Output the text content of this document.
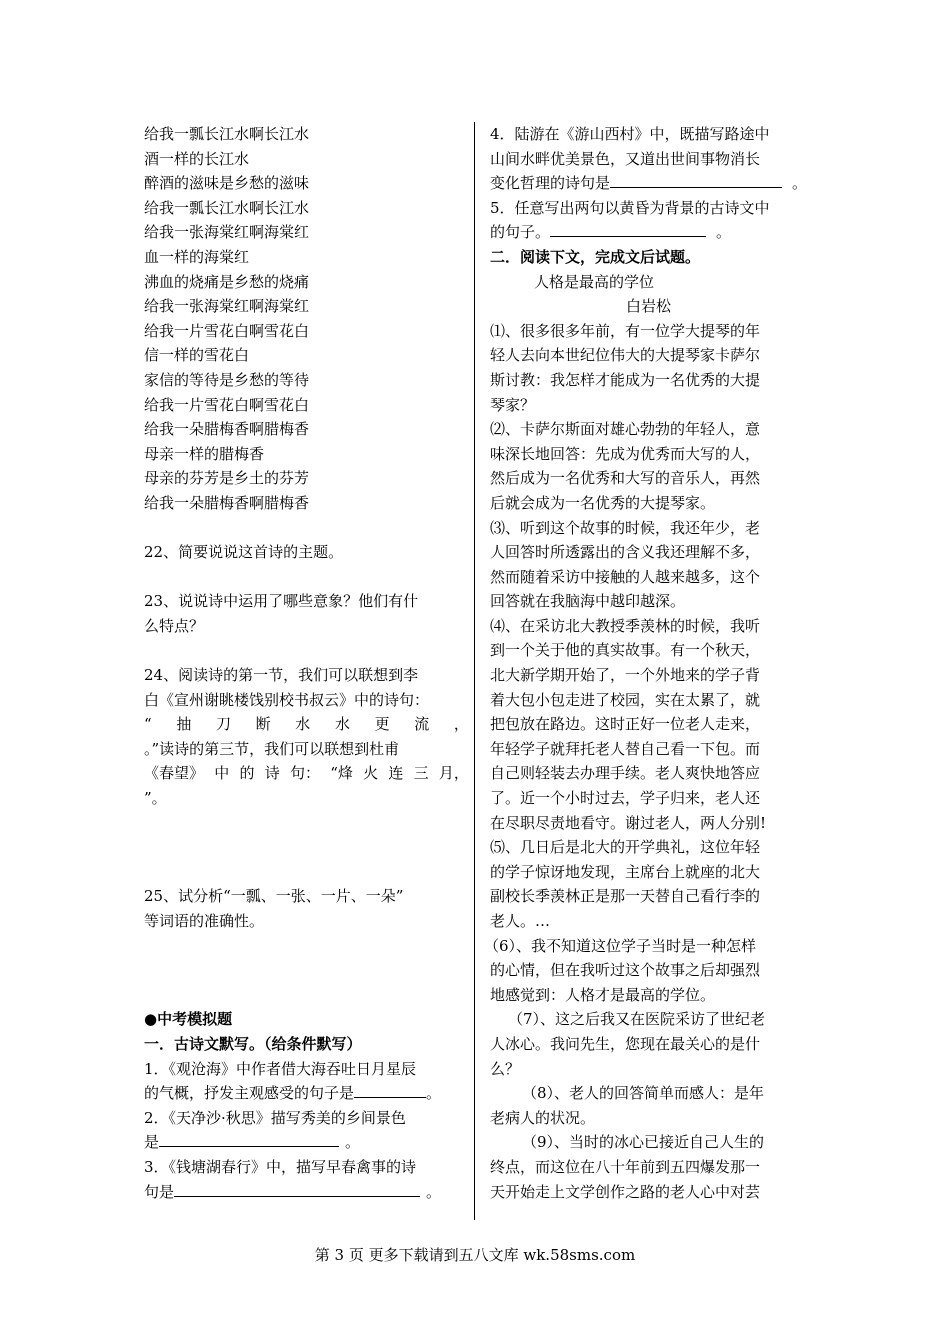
给我一瓢长江水啊长江水
酒一样的长江水
醉酒的滋味是乡愁的滋味
给我一瓢长江水啊长江水
给我一张海棠红啊海棠红
血一样的海棠红
沸血的烧痛是乡愁的烧痛
给我一张海棠红啊海棠红
给我一片雪花白啊雪花白
信一样的雪花白
家信的等待是乡愁的等待
给我一片雪花白啊雪花白
给我一朵腊梅香啊腊梅香
母亲一样的腊梅香
母亲的芬芳是乡土的芬芳
给我一朵腊梅香啊腊梅香
22、简要说说这首诗的主题。
23、说说诗中运用了哪些意象？他们有什
么特点？
24、阅读诗的第一节，我们可以联想到李
白《宣州谢眺楼饯别校书叔云》中的诗句：
“ 抽 刀 断 水 水 更 流 ，
。”读诗的第三节，我们可以联想到杜甫
《春望》 中 的 诗 句： “烽 火 连 三 月，
”。
25、试分析“一瓢、一张、一片、一朵”
等词语的准确性。
●中考模拟题
一．古诗文默写。（给条件默写）
1．《观沧海》中作者借大海吞吐日月星辰
的气概，抒发主观感受的句子是	。
2．《天净沙·秋思》描写秀美的乡间景色
是	。
3．《钱塘湖春行》中，描写早春禽事的诗
句是	。
4．陆游在《游山西村》中，既描写路途中
山间水畔优美景色，又道出世间事物消长
变化哲理的诗句是	。
5．任意写出两句以黄昏为背景的古诗文中
的句子。	。
二．阅读下文，完成文后试题。
人格是最高的学位
白岩松
⑴、很多很多年前，有一位学大提琴的年
轻人去向本世纪位伟大的大提琴家卡萨尔
斯讨教：我怎样才能成为一名优秀的大提
琴家？
⑵、卡萨尔斯面对雄心勃勃的年轻人，意
味深长地回答：先成为优秀而大写的人，
然后成为一名优秀和大写的音乐人，再然
后就会成为一名优秀的大提琴家。
⑶、听到这个故事的时候，我还年少，老
人回答时所透露出的含义我还理解不多，
然而随着采访中接触的人越来越多，这个
回答就在我脑海中越印越深。
⑷、在采访北大教授季羡林的时候，我听
到一个关于他的真实故事。有一个秋天，
北大新学期开始了，一个外地来的学子背
着大包小包走进了校园，实在太累了，就
把包放在路边。这时正好一位老人走来，
年轻学子就拜托老人替自己看一下包。而
自己则轻装去办理手续。老人爽快地答应
了。近一个小时过去，学子归来，老人还
在尽职尽责地看守。谢过老人，两人分别!
⑸、几日后是北大的开学典礼，这位年轻
的学子惊讶地发现，主席台上就座的北大
副校长季羡林正是那一天替自己看行李的
老人。…
（6）、我不知道这位学子当时是一种怎样
的心情，但在我听过这个故事之后却强烈
地感觉到：人格才是最高的学位。
（7）、这之后我又在医院采访了世纪老
人冰心。我问先生，您现在最关心的是什
么？
（8）、老人的回答简单而感人：是年
老病人的状况。
（9）、当时的冰心已接近自己人生的
终点，而这位在八十年前到五四爆发那一
天开始走上文学创作之路的老人心中对芸
第 3 页 更多下载请到五八文库 wk.58sms.com
